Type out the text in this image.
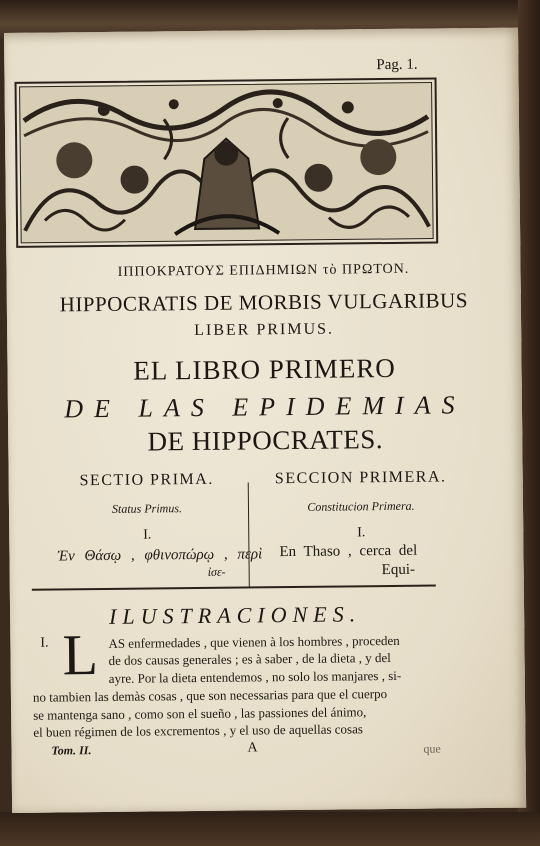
Pag. 1.
ΙΠΠΟΚΡΑΤΟΥΣ ΕΠΙΔΗΜΙΩΝ τὸ ΠΡΩΤΟΝ.
HIPPOCRATIS DE MORBIS VULGARIBUS
LIBER PRIMUS.
EL LIBRO PRIMERO
DE LAS EPIDEMIAS
DE HIPPOCRATES.
SECTIO PRIMA.
Status Primus.
I.
SECCION PRIMERA.
Constitucion Primera.
I.
Ἐν Θάσῳ , φθινοπώρῳ , περὶ
ἰσε-
En Thaso , cerca del
Equi-
ILUSTRACIONES.
I. L AS enfermedades , que vienen à los hombres , proceden
de dos causas generales ; es à saber , de la dieta , y del
ayre. Por la dieta entendemos , no solo los manjares , si-
no tambien las demàs cosas , que son necessarias para que el cuerpo
se mantenga sano , como son el sueño , las passiones del ánimo,
el buen régimen de los excrementos , y el uso de aquellas cosas
Tom. II.	A	que
